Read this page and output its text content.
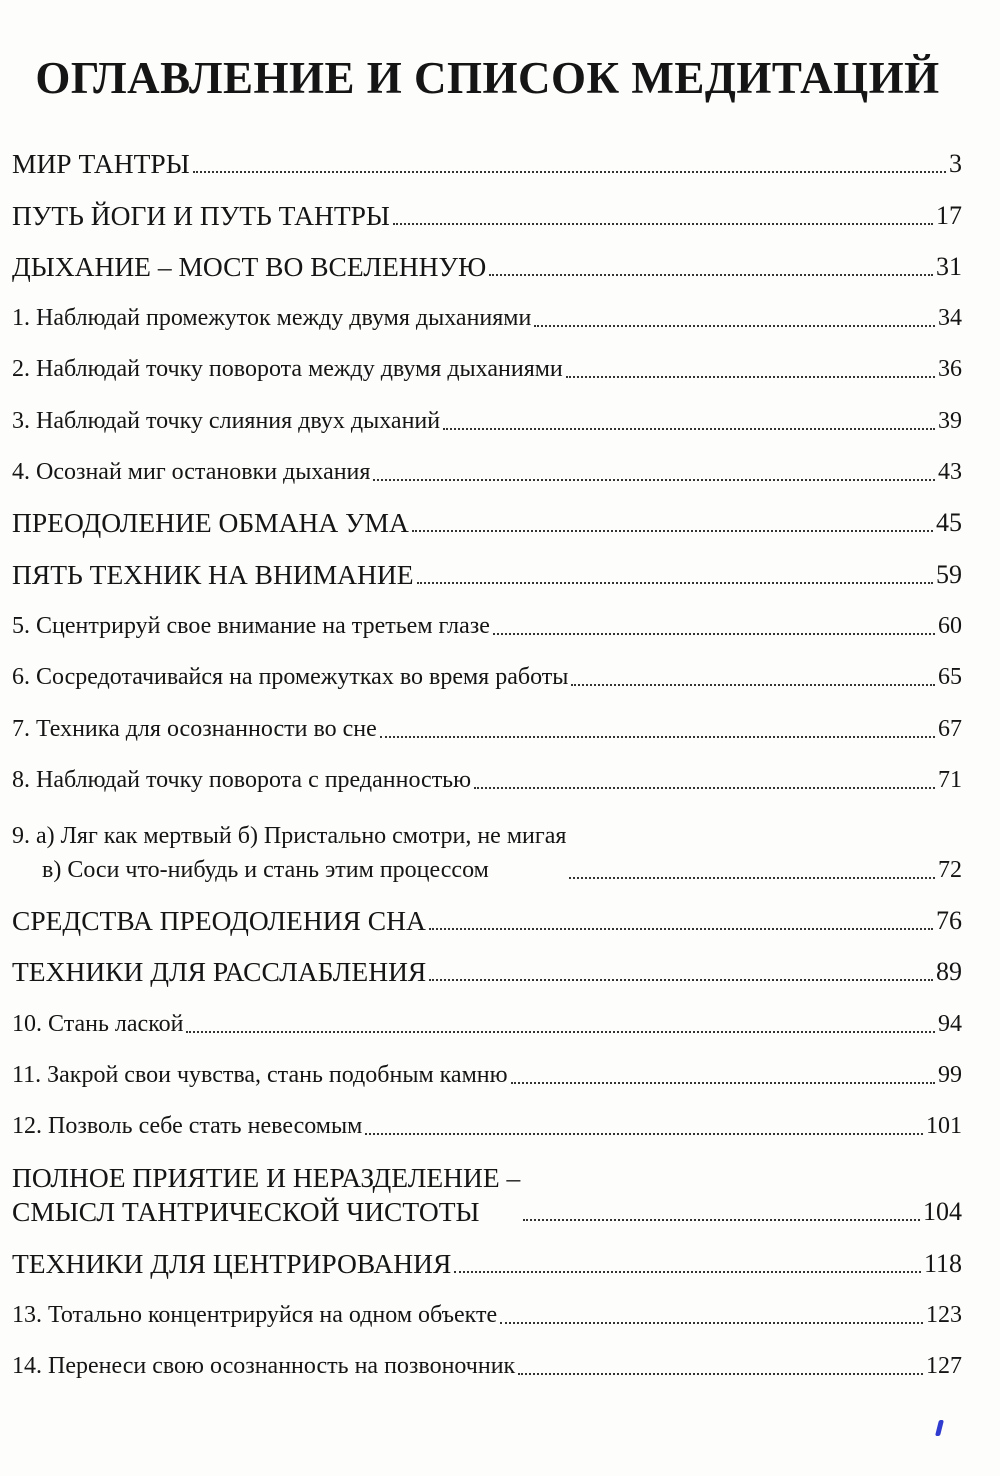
ОГЛАВЛЕНИЕ И СПИСОК МЕДИТАЦИЙ
МИР ТАНТРЫ	3
ПУТЬ ЙОГИ И ПУТЬ ТАНТРЫ	17
ДЫХАНИЕ – МОСТ ВО ВСЕЛЕННУЮ	31
1. Наблюдай промежуток между двумя дыханиями	34
2. Наблюдай точку поворота между двумя дыханиями	36
3. Наблюдай точку слияния двух дыханий	39
4. Осознай миг остановки дыхания	43
ПРЕОДОЛЕНИЕ ОБМАНА УМА	45
ПЯТЬ ТЕХНИК НА ВНИМАНИЕ	59
5. Сцентрируй свое внимание на третьем глазе	60
6. Сосредотачивайся на промежутках во время работы	65
7. Техника для осознанности во сне	67
8. Наблюдай точку поворота с преданностью	71
9. а) Ляг как мертвый б) Пристально смотри, не мигая
в) Соси что-нибудь и стань этим процессом	72
СРЕДСТВА ПРЕОДОЛЕНИЯ СНА	76
ТЕХНИКИ ДЛЯ РАССЛАБЛЕНИЯ	89
10. Стань лаской	94
11. Закрой свои чувства, стань подобным камню	99
12. Позволь себе стать невесомым	101
ПОЛНОЕ ПРИЯТИЕ И НЕРАЗДЕЛЕНИЕ –
СМЫСЛ ТАНТРИЧЕСКОЙ ЧИСТОТЫ	104
ТЕХНИКИ ДЛЯ ЦЕНТРИРОВАНИЯ	118
13. Тотально концентрируйся на одном объекте	123
14. Перенеси свою осознанность на позвоночник	127
